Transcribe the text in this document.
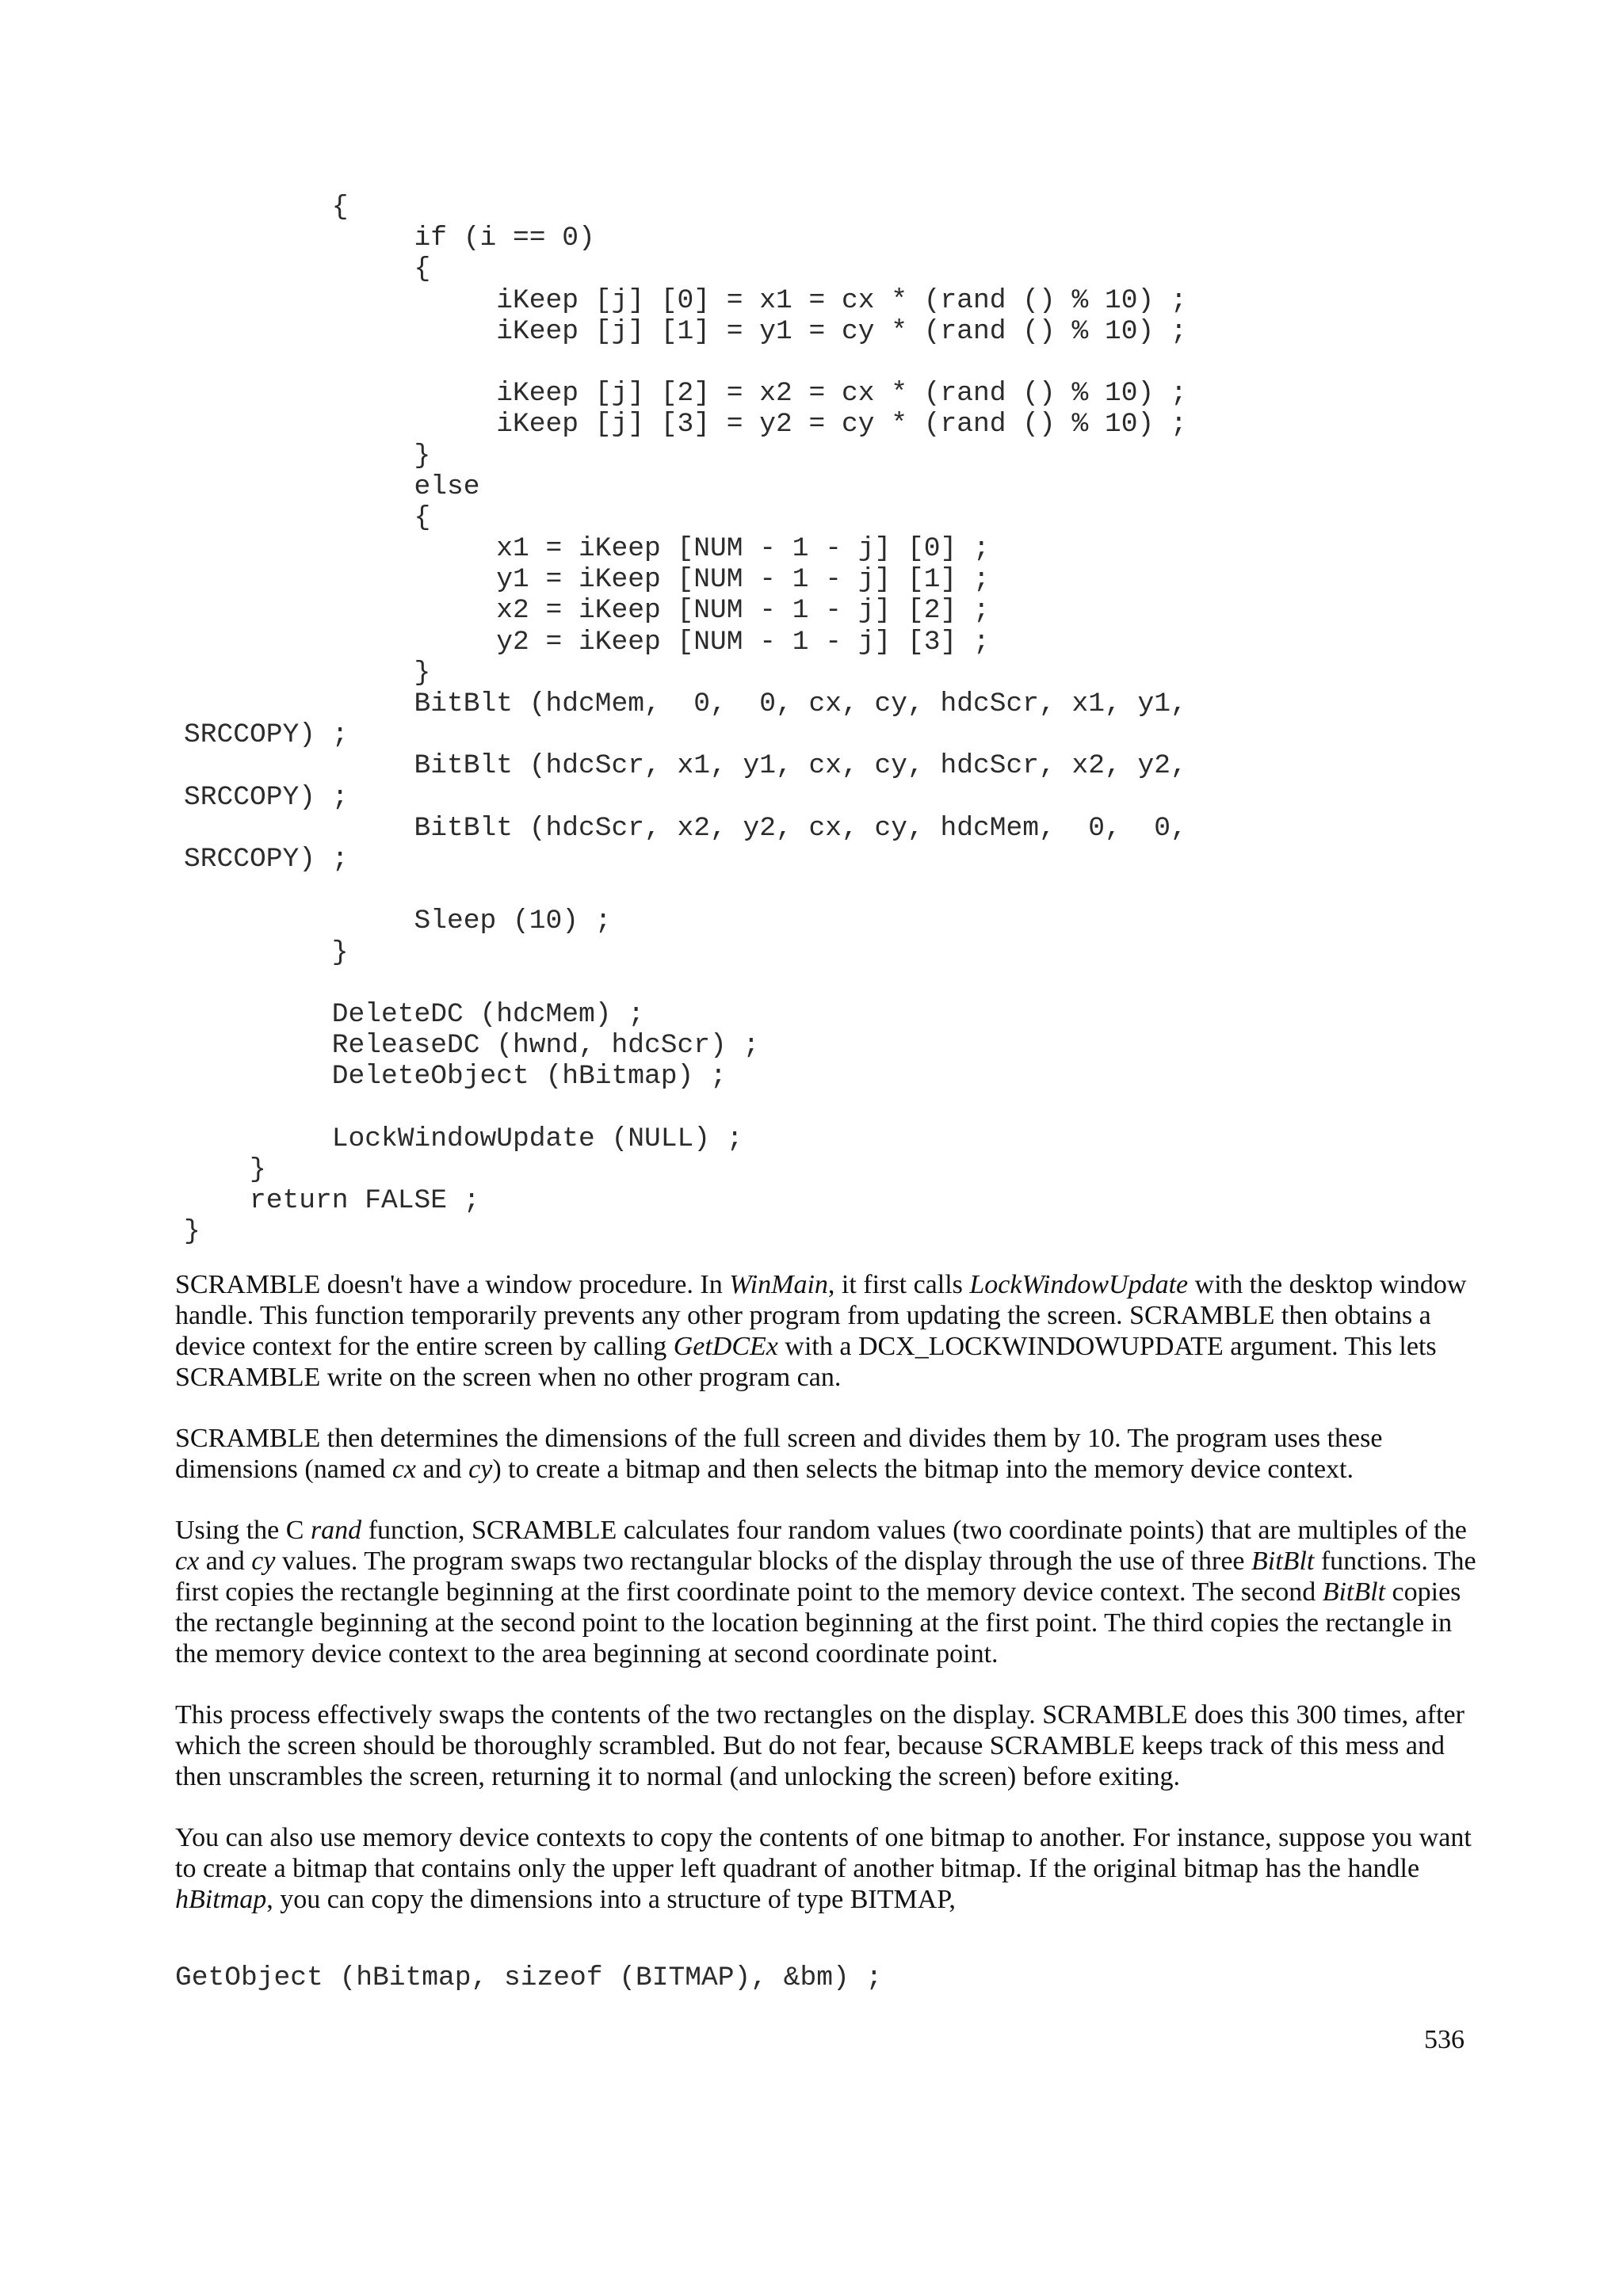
{
if (i == 0)
{
iKeep [j] [0] = x1 = cx * (rand () % 10) ;
iKeep [j] [1] = y1 = cy * (rand () % 10) ;
iKeep [j] [2] = x2 = cx * (rand () % 10) ;
iKeep [j] [3] = y2 = cy * (rand () % 10) ;
}
else
{
x1 = iKeep [NUM - 1 - j] [0] ;
y1 = iKeep [NUM - 1 - j] [1] ;
x2 = iKeep [NUM - 1 - j] [2] ;
y2 = iKeep [NUM - 1 - j] [3] ;
}
BitBlt (hdcMem,  0,  0, cx, cy, hdcScr, x1, y1,
SRCCOPY) ;
BitBlt (hdcScr, x1, y1, cx, cy, hdcScr, x2, y2,
SRCCOPY) ;
BitBlt (hdcScr, x2, y2, cx, cy, hdcMem,  0,  0,
SRCCOPY) ;
Sleep (10) ;
}
DeleteDC (hdcMem) ;
ReleaseDC (hwnd, hdcScr) ;
DeleteObject (hBitmap) ;
LockWindowUpdate (NULL) ;
}
return FALSE ;
}

SCRAMBLE doesn't have a window procedure. In WinMain, it first calls LockWindowUpdate with the desktop window handle. This function temporarily prevents any other program from updating the screen. SCRAMBLE then obtains a device context for the entire screen by calling GetDCEx with a DCX_LOCKWINDOWUPDATE argument. This lets SCRAMBLE write on the screen when no other program can.

SCRAMBLE then determines the dimensions of the full screen and divides them by 10. The program uses these dimensions (named cx and cy) to create a bitmap and then selects the bitmap into the memory device context.

Using the C rand function, SCRAMBLE calculates four random values (two coordinate points) that are multiples of the cx and cy values. The program swaps two rectangular blocks of the display through the use of three BitBlt functions. The first copies the rectangle beginning at the first coordinate point to the memory device context. The second BitBlt copies the rectangle beginning at the second point to the location beginning at the first point. The third copies the rectangle in the memory device context to the area beginning at second coordinate point.

This process effectively swaps the contents of the two rectangles on the display. SCRAMBLE does this 300 times, after which the screen should be thoroughly scrambled. But do not fear, because SCRAMBLE keeps track of this mess and then unscrambles the screen, returning it to normal (and unlocking the screen) before exiting.

You can also use memory device contexts to copy the contents of one bitmap to another. For instance, suppose you want to create a bitmap that contains only the upper left quadrant of another bitmap. If the original bitmap has the handle hBitmap, you can copy the dimensions into a structure of type BITMAP,

GetObject (hBitmap, sizeof (BITMAP), &bm) ;
536
